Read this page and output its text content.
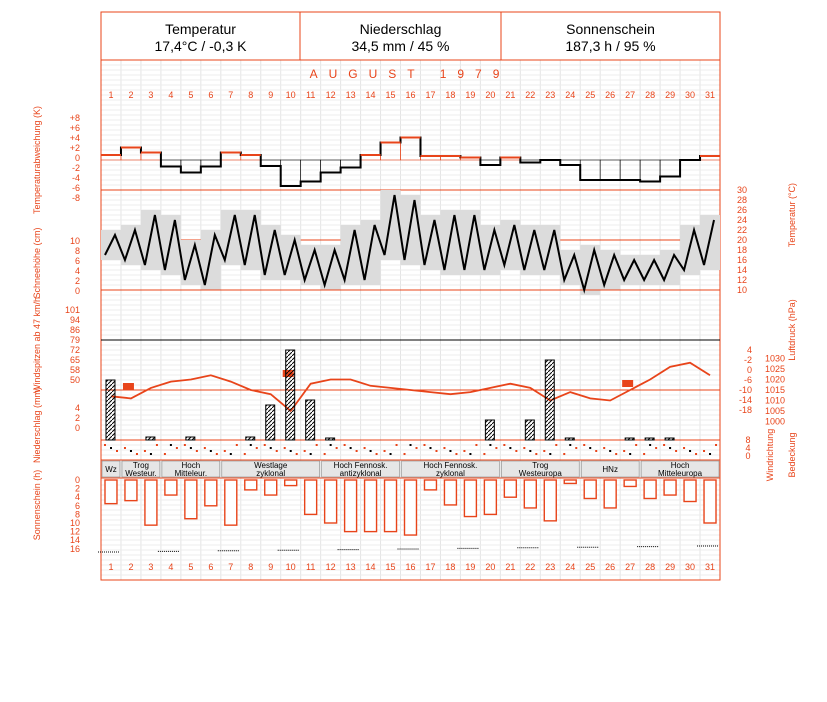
Temperatur
17,4°C / -0,3 K
Niederschlag
34,5 mm / 45 %
Sonnenschein
187,3 h / 95 %
Wz Trog
Westeur.
Hoch
Mitteleur.
Westlage
zyklonal
Hoch Fennosk.
antizyklonal
Hoch Fennosk.
zyklonal
Trog
Westeuropa	HNz	Hoch
Mitteleuropa
AUGUST 1979
1
1
2
2
3
3
4
4
5
5
6
6
7
7
8
8
9
9
10
10
11
11
12
12
13
13
14
14
15
15
16
16
17
17
18
18
19
19
20
20
21
21
22
22
23
23
24
24
25
25
26
26
27
27
28
28
29
29
30
30
31
31
+8
+6
+4
+2
0
-2
-4
-6
-8
30
28
26
24
22
20
18
16
14
12
10
10
8
6
4
2
0
101
94
86
79
72
65
58
50
1030
1025
1020
1015
1010
1005
1000
4
-2
0
-6
-10
-14
-18
4
2
0
8
4
0
0
2
4
6
8
10
12
14
16
Temperaturabweichung (K)
Schneehöhe (cm)
Windspitzen ab 47 km/h
Niederschlag (mm)
Sonnenschein (h)
Temperatur (°C)
Luftdruck (hPa)
Windrichtung Bedeckung
